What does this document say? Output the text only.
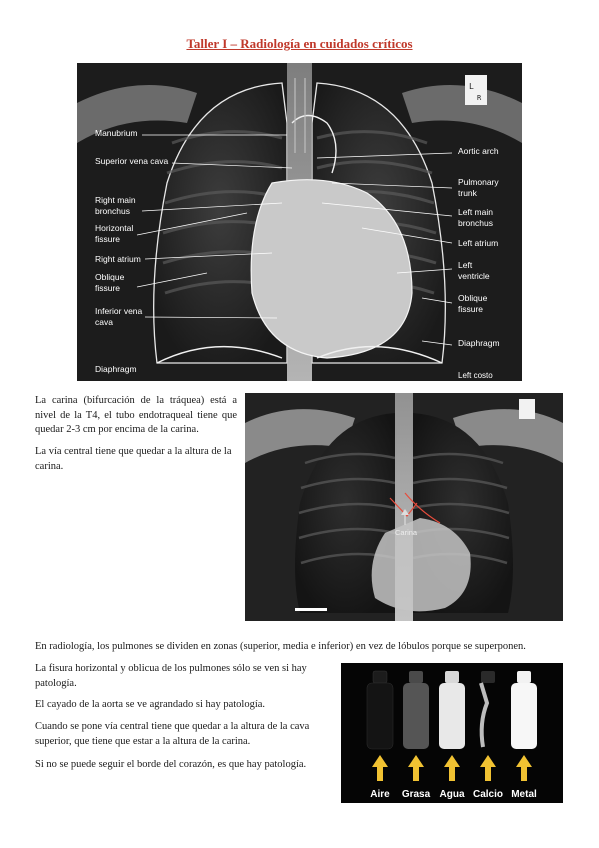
Taller I – Radiología en cuidados críticos
L
R
Manubrium
Superior vena cava
Right main
bronchus
Horizontal
fissure
Right atrium
Oblique
fissure
Inferior vena
cava
Diaphragm
Aortic arch
Pulmonary
trunk
Left main
bronchus
Left atrium
Left
ventricle
Oblique
fissure
Diaphragm
Left costo
Carina

La carina (bifurcación de la tráquea) está a nivel de la T4, el tubo endotraqueal tiene que quedar 2-3 cm por encima de la carina.

La vía central tiene que quedar a la altura de la carina.

En radiología, los pulmones se dividen en zonas (superior, media e inferior) en vez de lóbulos porque se superponen.

La fisura horizontal y oblicua de los pulmones sólo se ven si hay patología.

El cayado de la aorta se ve agrandado si hay patología.

Cuando se pone vía central tiene que quedar a la altura de la cava superior, que tiene que estar a la altura de la carina.

Si no se puede seguir el borde del corazón, es que hay patología.

Aire Grasa Agua Calcio Metal
